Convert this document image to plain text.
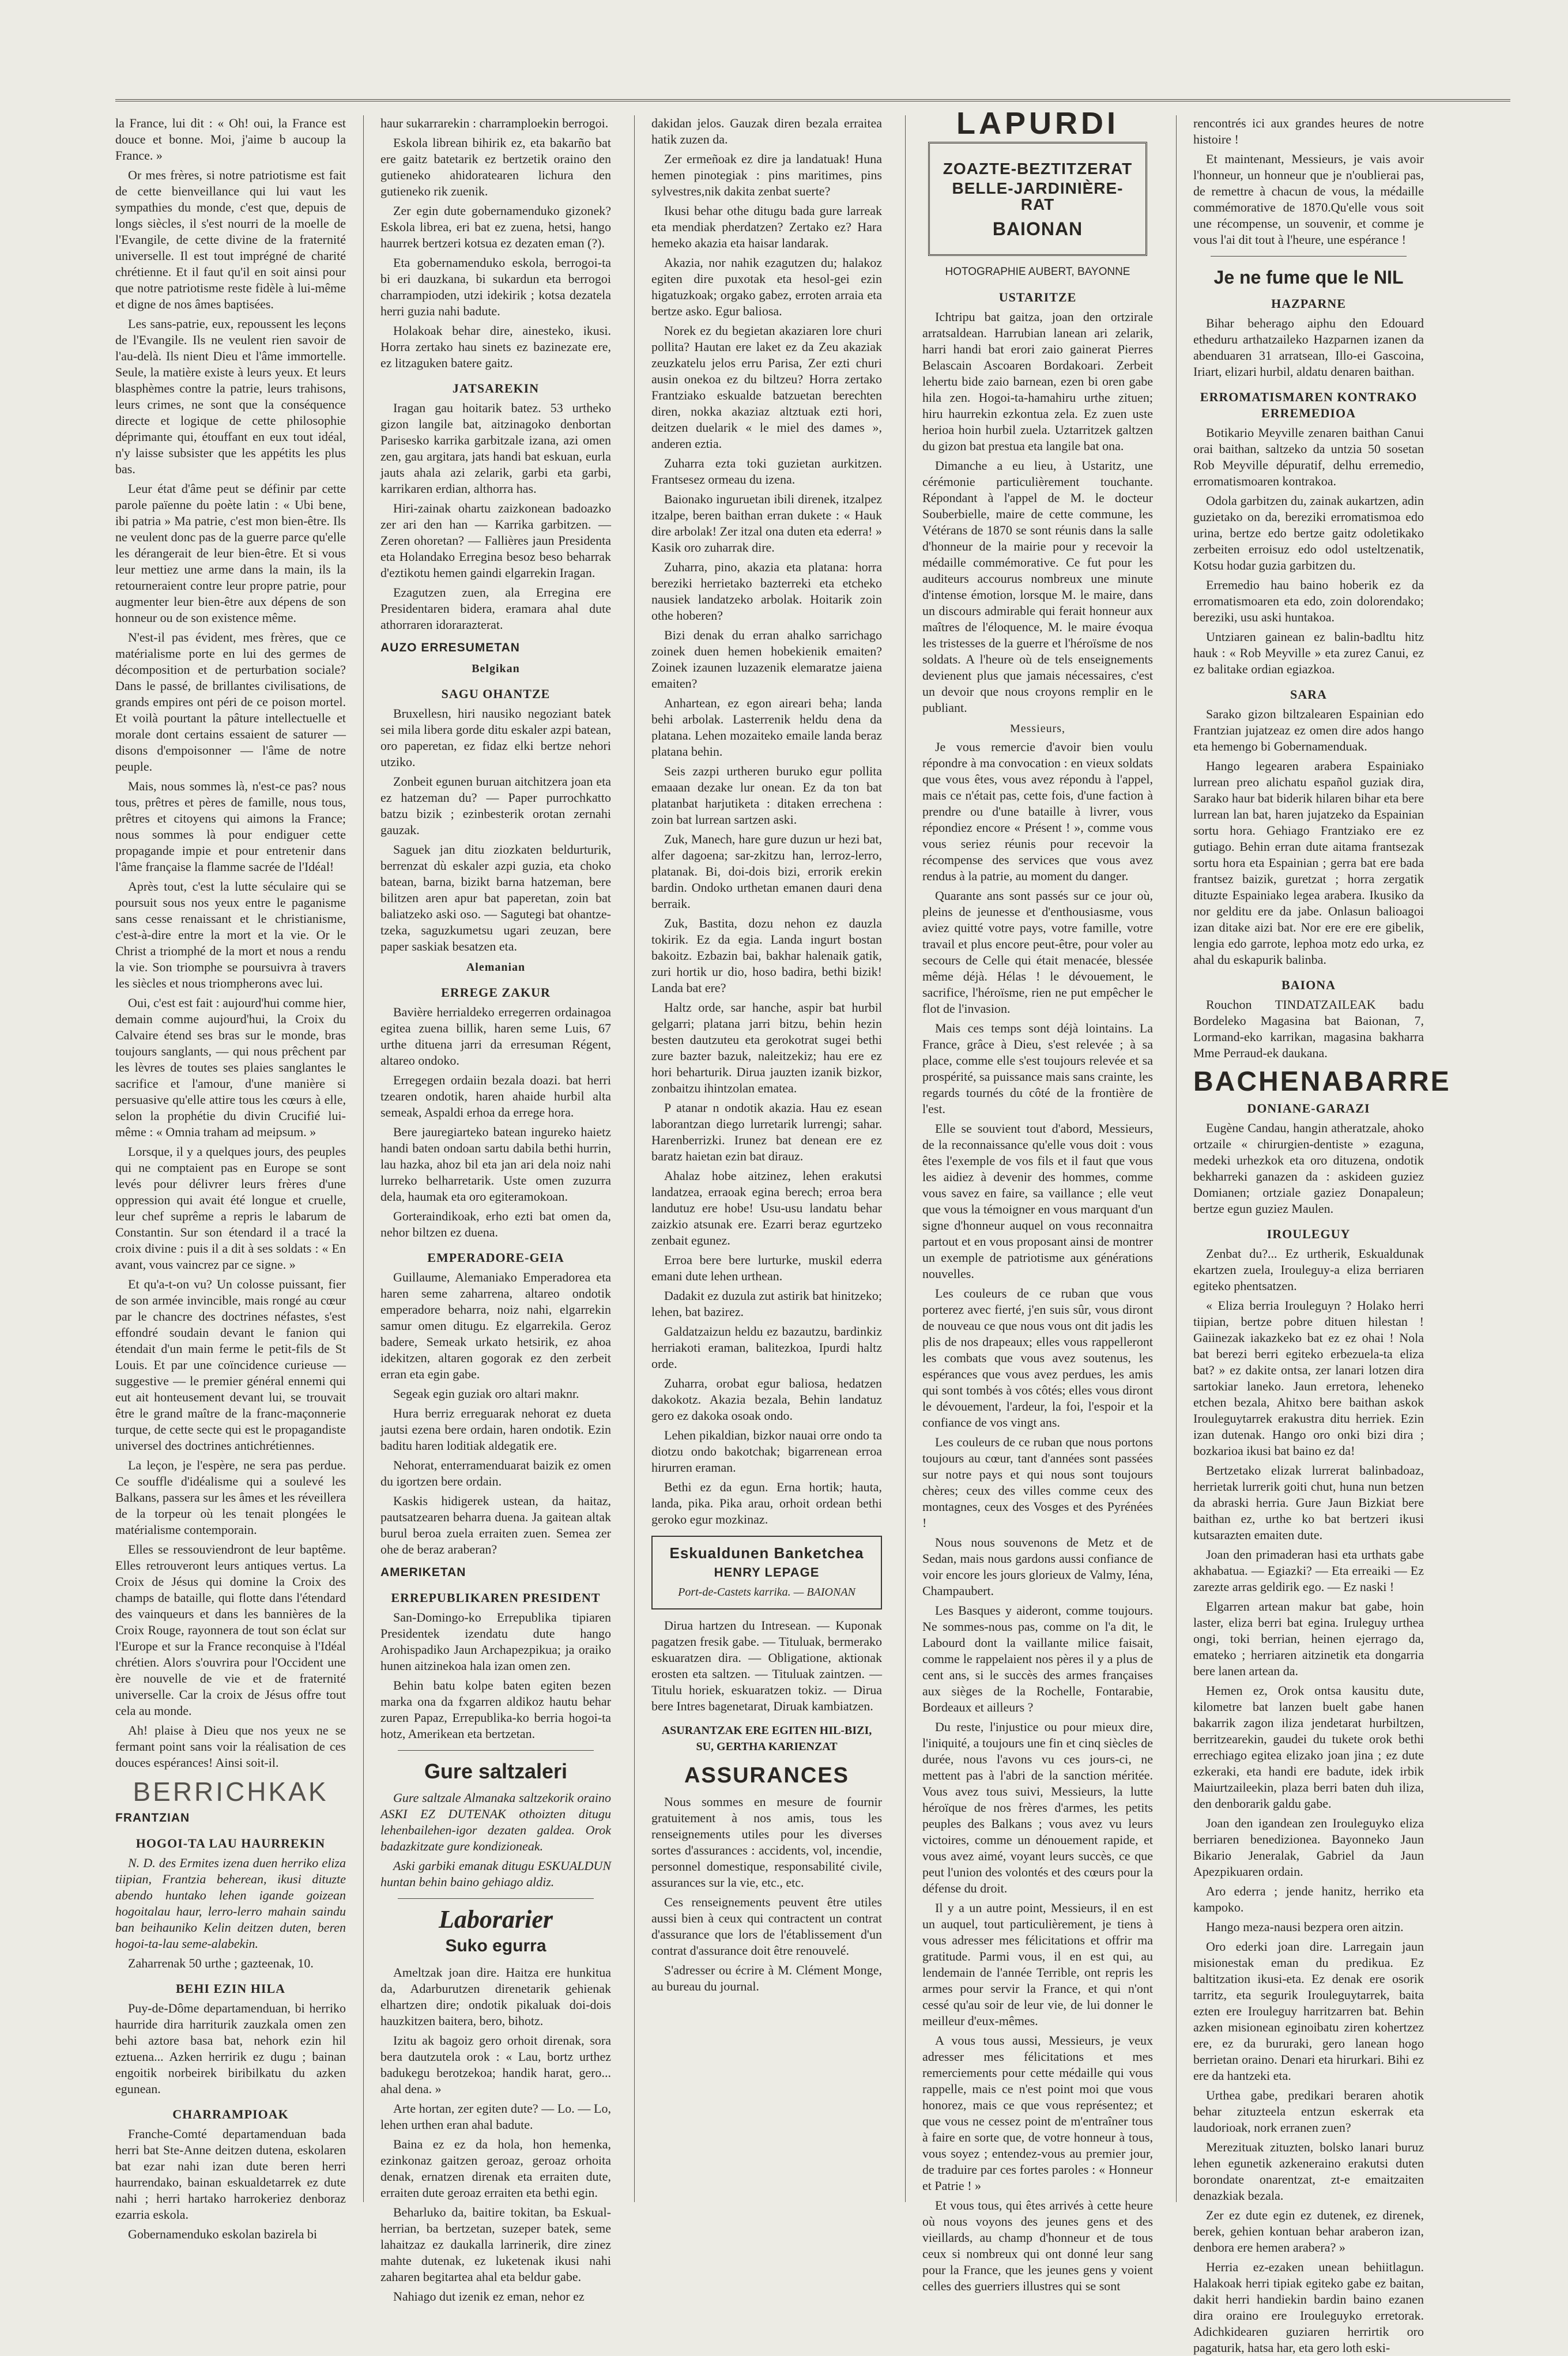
la France, lui dit : « Oh! oui, la France est douce et bonne. Moi, j'aime b aucoup la France. »

Or mes frères, si notre patriotisme est fait de cette bienveillance qui lui vaut les sympathies du monde, c'est que, depuis de longs siècles, il s'est nourri de la moelle de l'Evangile, de cette divine de la fraternité universelle. Il est tout imprégné de charité chrétienne. Et il faut qu'il en soit ainsi pour que notre patriotisme reste fidèle à lui-même et digne de nos âmes baptisées.

Les sans-patrie, eux, repoussent les leçons de l'Evangile. Ils ne veulent rien savoir de l'au-delà. Ils nient Dieu et l'âme immortelle. Seule, la matière existe à leurs yeux. Et leurs blasphèmes contre la patrie, leurs trahisons, leurs crimes, ne sont que la conséquence directe et logique de cette philosophie déprimante qui, étouffant en eux tout idéal, n'y laisse subsister que les appétits les plus bas.

Leur état d'âme peut se définir par cette parole païenne du poète latin : « Ubi bene, ibi patria » Ma patrie, c'est mon bien-être. Ils ne veulent donc pas de la guerre parce qu'elle les dérangerait de leur bien-être. Et si vous leur mettiez une arme dans la main, ils la retourneraient contre leur propre patrie, pour augmenter leur bien-être aux dépens de son honneur ou de son existence même.

N'est-il pas évident, mes frères, que ce matérialisme porte en lui des germes de décomposition et de perturbation sociale? Dans le passé, de brillantes civilisations, de grands empires ont péri de ce poison mortel. Et voilà pourtant la pâture intellectuelle et morale dont certains essaient de saturer — disons d'empoisonner — l'âme de notre peuple.

Mais, nous sommes là, n'est-ce pas? nous tous, prêtres et pères de famille, nous tous, prêtres et citoyens qui aimons la France; nous sommes là pour endiguer cette propagande impie et pour entretenir dans l'âme française la flamme sacrée de l'Idéal!

Après tout, c'est la lutte séculaire qui se poursuit sous nos yeux entre le paganisme sans cesse renaissant et le christianisme, c'est-à-dire entre la mort et la vie. Or le Christ a triomphé de la mort et nous a rendu la vie. Son triomphe se poursuivra à travers les siècles et nous triompherons avec lui.

Oui, c'est est fait : aujourd'hui comme hier, demain comme aujourd'hui, la Croix du Calvaire étend ses bras sur le monde, bras toujours sanglants, — qui nous prêchent par les lèvres de toutes ses plaies sanglantes le sacrifice et l'amour, d'une manière si persuasive qu'elle attire tous les cœurs à elle, selon la prophétie du divin Crucifié lui-même : « Omnia traham ad meipsum. »

Lorsque, il y a quelques jours, des peuples qui ne comptaient pas en Europe se sont levés pour délivrer leurs frères d'une oppression qui avait été longue et cruelle, leur chef suprême a repris le labarum de Constantin. Sur son étendard il a tracé la croix divine : puis il a dit à ses soldats : « En avant, vous vaincrez par ce signe. »

Et qu'a-t-on vu? Un colosse puissant, fier de son armée invincible, mais rongé au cœur par le chancre des doctrines néfastes, s'est effondré soudain devant le fanion qui étendait d'un main ferme le petit-fils de St Louis. Et par une coïncidence curieuse — suggestive — le premier général ennemi qui eut ait honteusement devant lui, se trouvait être le grand maître de la franc-maçonnerie turque, de cette secte qui est le propagandiste universel des doctrines antichrétiennes.

La leçon, je l'espère, ne sera pas perdue. Ce souffle d'idéalisme qui a soulevé les Balkans, passera sur les âmes et les réveillera de la torpeur où les tenait plongées le matérialisme contemporain.

Elles se ressouviendront de leur baptême. Elles retrouveront leurs antiques vertus. La Croix de Jésus qui domine la Croix des champs de bataille, qui flotte dans l'étendard des vainqueurs et dans les bannières de la Croix Rouge, rayonnera de tout son éclat sur l'Europe et sur la France reconquise à l'Idéal chrétien. Alors s'ouvrira pour l'Occident une ère nouvelle de vie et de fraternité universelle. Car la croix de Jésus offre tout cela au monde.

Ah! plaise à Dieu que nos yeux ne se fermant point sans voir la réalisation de ces douces espérances! Ainsi soit-il.

BERRICHKAK
FRANTZIAN
HOGOI-TA LAU HAURREKIN

N. D. des Ermites izena duen herriko eliza tiipian, Frantzia beherean, ikusi dituzte abendo huntako lehen igande goizean hogoitalau haur, lerro-lerro mahain saindu ban beihauniko Kelin deitzen duten, beren hogoi-ta-lau seme-alabekin.

Zaharrenak 50 urthe ; gazteenak, 10.

BEHI EZIN HILA

Puy-de-Dôme departamenduan, bi herriko haurride dira harriturik zauzkala omen zen behi aztore basa bat, nehork ezin hil eztuena... Azken herririk ez dugu ; bainan engoitik norbeirek biribilkatu du azken egunean.

CHARRAMPIOAK

Franche-Comté departamenduan bada herri bat Ste-Anne deitzen dutena, eskolaren bat ezar nahi izan dute beren herri haurrendako, bainan eskualdetarrek ez dute nahi ; herri hartako harrokeriez denboraz ezarria eskola.

Gobernamenduko eskolan bazirela bi

haur sukarrarekin : charramploekin berrogoi.

Eskola librean bihirik ez, eta bakarño bat ere gaitz batetarik ez bertzetik oraino den gutieneko ahidoratearen lichura den gutieneko rik zuenik.

Zer egin dute gobernamenduko gizonek? Eskola librea, eri bat ez zuena, hetsi, hango haurrek bertzeri kotsua ez dezaten eman (?).

Eta gobernamenduko eskola, berrogoi-ta bi eri dauzkana, bi sukardun eta berrogoi charrampioden, utzi idekirik ; kotsa dezatela herri guzia nahi badute.

Holakoak behar dire, ainesteko, ikusi. Horra zertako hau sinets ez bazinezate ere, ez litzaguken batere gaitz.

JATSAREKIN

Iragan gau hoitarik batez. 53 urtheko gizon langile bat, aitzinagoko denbortan Parisesko karrika garbitzale izana, azi omen zen, gau argitara, jats handi bat eskuan, eurla jauts ahala azi zelarik, garbi eta garbi, karrikaren erdian, althorra has.

Hiri-zainak ohartu zaizkonean badoazko zer ari den han — Karrika garbitzen. — Zeren ohoretan? — Fallières jaun Presidenta eta Holandako Erregina besoz beso beharrak d'eztikotu hemen gaindi elgarrekin Iragan.

Ezagutzen zuen, ala Erregina ere Presidentaren bidera, eramara ahal dute athorraren idorarazterat.

AUZO ERRESUMETAN
Belgikan
SAGU OHANTZE

Bruxellesn, hiri nausiko negoziant batek sei mila libera gorde ditu eskaler azpi batean, oro paperetan, ez fidaz elki bertze nehori utziko.

Zonbeit egunen buruan aitchitzera joan eta ez hatzeman du? — Paper purrochkatto batzu bizik ; ezinbesterik orotan zernahi gauzak.

Saguek jan ditu ziozkaten beldurturik, berrenzat dù eskaler azpi guzia, eta choko batean, barna, bizikt barna hatzeman, bere bilitzen aren apur bat paperetan, zoin bat baliatzeko aski oso. — Sagutegi bat ohantze-tzeka, saguzkumetsu ugari zeuzan, bere paper saskiak besatzen eta.

Alemanian
ERREGE ZAKUR

Bavière herrialdeko erregerren ordainagoa egitea zuena billik, haren seme Luis, 67 urthe dituena jarri da erresuman Régent, altareo ondoko.

Erregegen ordaiin bezala doazi. bat herri tzearen ondotik, haren ahaide hurbil alta semeak, Aspaldi erhoa da errege hora.

Bere jauregiarteko batean ingureko haietz handi baten ondoan sartu dabila bethi hurrin, lau hazka, ahoz bil eta jan ari dela noiz nahi lurreko belharretarik. Uste omen zuzurra dela, haumak eta oro egiteramokoan.

Gorteraindikoak, erho ezti bat omen da, nehor biltzen ez duena.

EMPERADORE-GEIA

Guillaume, Alemaniako Emperadorea eta haren seme zaharrena, altareo ondotik emperadore beharra, noiz nahi, elgarrekin samur omen ditugu. Ez elgarrekila. Geroz badere, Semeak urkato hetsirik, ez ahoa idekitzen, altaren gogorak ez den zerbeit erran eta egin gabe.

Segeak egin guziak oro altari maknr.

Hura berriz erreguarak nehorat ez dueta jautsi ezena bere ordain, haren ondotik. Ezin baditu haren loditiak aldegatik ere.

Nehorat, enterramenduarat baizik ez omen du igortzen bere ordain.

Kaskis hidigerek ustean, da haitaz, pautsatzearen beharra duena. Ja gaitean altak burul beroa zuela erraiten zuen. Semea zer ohe de beraz araberan?

AMERIKETAN
ERREPUBLIKAREN PRESIDENT

San-Domingo-ko Errepublika tipiaren Presidentek izendatu dute hango Arohispadiko Jaun Archapezpikua; ja oraiko hunen aitzinekoa hala izan omen zen.

Behin batu kolpe baten egiten bezen marka ona da fxgarren aldikoz hautu behar zuren Papaz, Errepublika-ko berria hogoi-ta hotz, Amerikean eta bertzetan.

Gure saltzaleri

Gure saltzale Almanaka saltzekorik oraino ASKI EZ DUTENAK othoizten ditugu lehenbailehen-igor dezaten galdea. Orok badazkitzate gure kondizioneak.

Aski garbiki emanak ditugu ESKUALDUN huntan behin baino gehiago aldiz.

Laborarier
Suko egurra

Ameltzak joan dire. Haitza ere hunkitua da, Adarburutzen direnetarik gehienak elhartzen dire; ondotik pikaluak doi-dois hauzkitzen baitera, bero, bihotz.

Izitu ak bagoiz gero orhoit direnak, sora bera dautzutela orok : « Lau, bortz urthez badukegu berotzekoa; handik harat, gero... ahal dena. »

Arte hortan, zer egiten dute? — Lo. — Lo, lehen urthen eran ahal badute.

Baina ez ez da hola, hon hemenka, ezinkonaz gaitzen geroaz, geroaz orhoita denak, ernatzen direnak eta erraiten dute, erraiten dute geroaz erraiten eta bethi egin.

Beharluko da, baitire tokitan, ba Eskual-herrian, ba bertzetan, suzeper batek, seme lahaitzaz ez daukalla larrinerik, dire zinez mahte dutenak, ez luketenak ikusi nahi zaharen begitartea ahal eta beldur gabe.

Nahiago dut izenik ez eman, nehor ez

dakidan jelos. Gauzak diren bezala erraitea hatik zuzen da.

Zer ermeñoak ez dire ja landatuak! Huna hemen pinotegiak : pins maritimes, pins sylvestres,nik dakita zenbat suerte?

Ikusi behar othe ditugu bada gure larreak eta mendiak pherdatzen? Zertako ez? Hara hemeko akazia eta haisar landarak.

Akazia, nor nahik ezagutzen du; halakoz egiten dire puxotak eta hesol-gei ezin higatuzkoak; orgako gabez, erroten arraia eta bertze asko. Egur baliosa.

Norek ez du begietan akaziaren lore churi pollita? Hautan ere laket ez da Zeu akaziak zeuzkatelu jelos erru Parisa, Zer ezti churi ausin onekoa ez du biltzeu? Horra zertako Frantziako eskualde batzuetan berechten diren, nokka akaziaz altztuak ezti hori, deitzen duelarik « le miel des dames », anderen eztia.

Zuharra ezta toki guzietan aurkitzen. Frantsesez ormeau du izena.

Baionako inguruetan ibili direnek, itzalpez itzalpe, beren baithan erran dukete : « Hauk dire arbolak! Zer itzal ona duten eta ederra! » Kasik oro zuharrak dire.

Zuharra, pino, akazia eta platana: horra bereziki herrietako bazterreki eta etcheko nausiek landatzeko arbolak. Hoitarik zoin othe hoberen?

Bizi denak du erran ahalko sarrichago zoinek duen hemen hobekienik emaiten? Zoinek izaunen luzazenik elemaratze jaiena emaiten?

Anhartean, ez egon aireari beha; landa behi arbolak. Lasterrenik heldu dena da platana. Lehen mozaiteko emaile landa beraz platana behin.

Seis zazpi urtheren buruko egur pollita emaaan dezake lur onean. Ez da ton bat platanbat harjutiketa : ditaken errechena : zoin bat lurrean sartzen aski.

Zuk, Manech, hare gure duzun ur hezi bat, alfer dagoena; sar-zkitzu han, lerroz-lerro, platanak. Bi, doi-dois bizi, errorik erekin bardin. Ondoko urthetan emanen dauri dena berraik.

Zuk, Bastita, dozu nehon ez dauzla tokirik. Ez da egia. Landa ingurt bostan bakoitz. Ezbazin bai, bakhar halenaik gatik, zuri hortik ur dio, hoso badira, bethi bizik! Landa bat ere?

Haltz orde, sar hanche, aspir bat hurbil gelgarri; platana jarri bitzu, behin hezin besten dautzuteu eta gerokotrat sugei bethi zure bazter bazuk, naleitzekiz; hau ere ez hori beharturik. Dirua jauzten izanik bizkor, zonbaitzu ihintzolan ematea.

P atanar n ondotik akazia. Hau ez esean laborantzan diego lurretarik lurrengi; sahar. Harenberrizki. Irunez bat denean ere ez baratz haietan ezin bat dirauz.

Ahalaz hobe aitzinez, lehen erakutsi landatzea, erraoak egina berech; erroa bera landutuz ere hobe! Usu-usu landatu behar zaizkio atsunak ere. Ezarri beraz egurtzeko zenbait egunez.

Erroa bere bere lurturke, muskil ederra emani dute lehen urthean.

Dadakit ez duzula zut astirik bat hinitzeko; lehen, bat bazirez.

Galdatzaizun heldu ez bazautzu, bardinkiz herriakoti eraman, balitezkoa, Ipurdi haltz orde.

Zuharra, orobat egur baliosa, hedatzen dakokotz. Akazia bezala, Behin landatuz gero ez dakoka osoak ondo.

Lehen pikaldian, bizkor nauai orre ondo ta diotzu ondo bakotchak; bigarrenean erroa hirurren eraman.

Bethi ez da egun. Erna hortik; hauta, landa, pika. Pika arau, orhoit ordean bethi geroko egur mozkinaz.

Eskualdunen Banketchea
HENRY LEPAGE
Port-de-Castets karrika. — BAIONAN

Dirua hartzen du Intresean. — Kuponak pagatzen fresik gabe. — Tituluak, bermerako eskuaratzen dira. — Obligatione, aktionak erosten eta saltzen. — Tituluak zaintzen. — Titulu horiek, eskuaratzen tokiz. — Dirua bere Intres bagenetarat, Diruak kambiatzen.

ASURANTZAK ERE EGITEN HIL-BIZI, SU, GERTHA KARIENZAT
ASSURANCES

Nous sommes en mesure de fournir gratuitement à nos amis, tous les renseignements utiles pour les diverses sortes d'assurances : accidents, vol, incendie, personnel domestique, responsabilité civile, assurances sur la vie, etc., etc.

Ces renseignements peuvent être utiles aussi bien à ceux qui contractent un contrat d'assurance que lors de l'établissement d'un contrat d'assurance doit être renouvelé.

S'adresser ou écrire à M. Clément Monge, au bureau du journal.

LAPURDI
ZOAZTE-BEZTITZERAT
BELLE-JARDINIÈRE-RAT
BAIONAN
HOTOGRAPHIE AUBERT, BAYONNE
USTARITZE

Ichtripu bat gaitza, joan den ortzirale arratsaldean. Harrubian lanean ari zelarik, harri handi bat erori zaio gainerat Pierres Belascain Ascoaren Bordakoari. Zerbeit lehertu bide zaio barnean, ezen bi oren gabe hila zen. Hogoi-ta-hamahiru urthe zituen; hiru haurrekin ezkontua zela. Ez zuen uste herioa hoin hurbil zuela. Uztarritzek galtzen du gizon bat prestua eta langile bat ona.

Dimanche a eu lieu, à Ustaritz, une cérémonie particulièrement touchante. Répondant à l'appel de M. le docteur Souberbielle, maire de cette commune, les Vétérans de 1870 se sont réunis dans la salle d'honneur de la mairie pour y recevoir la médaille commémorative. Ce fut pour les auditeurs accourus nombreux une minute d'intense émotion, lorsque M. le maire, dans un discours admirable qui ferait honneur aux maîtres de l'éloquence, M. le maire évoqua les tristesses de la guerre et l'héroïsme de nos soldats. A l'heure où de tels enseignements devienent plus que jamais nécessaires, c'est un devoir que nous croyons remplir en le publiant.

Messieurs,

Je vous remercie d'avoir bien voulu répondre à ma convocation : en vieux soldats que vous êtes, vous avez répondu à l'appel, mais ce n'était pas, cette fois, d'une faction à prendre ou d'une bataille à livrer, vous répondiez encore « Présent ! », comme vous vous seriez réunis pour recevoir la récompense des services que vous avez rendus à la patrie, au moment du danger.

Quarante ans sont passés sur ce jour où, pleins de jeunesse et d'enthousiasme, vous aviez quitté votre pays, votre famille, votre travail et plus encore peut-être, pour voler au secours de Celle qui était menacée, blessée même déjà. Hélas ! le dévouement, le sacrifice, l'héroïsme, rien ne put empêcher le flot de l'invasion.

Mais ces temps sont déjà lointains. La France, grâce à Dieu, s'est relevée ; à sa place, comme elle s'est toujours relevée et sa prospérité, sa puissance mais sans crainte, les regards tournés du côté de la frontière de l'est.

Elle se souvient tout d'abord, Messieurs, de la reconnaissance qu'elle vous doit : vous êtes l'exemple de vos fils et il faut que vous les aidiez à devenir des hommes, comme vous savez en faire, sa vaillance ; elle veut que vous la témoigner en vous marquant d'un signe d'honneur auquel on vous reconnaitra partout et en vous proposant ainsi de montrer un exemple de patriotisme aux générations nouvelles.

Les couleurs de ce ruban que vous porterez avec fierté, j'en suis sûr, vous diront de nouveau ce que nous vous ont dit jadis les plis de nos drapeaux; elles vous rappelleront les combats que vous avez soutenus, les espérances que vous avez perdues, les amis qui sont tombés à vos côtés; elles vous diront le dévouement, l'ardeur, la foi, l'espoir et la confiance de vos vingt ans.

Les couleurs de ce ruban que nous portons toujours au cœur, tant d'années sont passées sur notre pays et qui nous sont toujours chères; ceux des villes comme ceux des montagnes, ceux des Vosges et des Pyrénées !

Nous nous souvenons de Metz et de Sedan, mais nous gardons aussi confiance de voir encore les jours glorieux de Valmy, Iéna, Champaubert.

Les Basques y aideront, comme toujours. Ne sommes-nous pas, comme on l'a dit, le Labourd dont la vaillante milice faisait, comme le rappelaient nos pères il y a plus de cent ans, si le succès des armes françaises aux sièges de la Rochelle, Fontarabie, Bordeaux et ailleurs ?

Du reste, l'injustice ou pour mieux dire, l'iniquité, a toujours une fin et cinq siècles de durée, nous l'avons vu ces jours-ci, ne mettent pas à l'abri de la sanction méritée. Vous avez tous suivi, Messieurs, la lutte héroïque de nos frères d'armes, les petits peuples des Balkans ; vous avez vu leurs victoires, comme un dénouement rapide, et vous avez aimé, voyant leurs succès, ce que peut l'union des volontés et des cœurs pour la défense du droit.

Il y a un autre point, Messieurs, il en est un auquel, tout particulièrement, je tiens à vous adresser mes félicitations et offrir ma gratitude. Parmi vous, il en est qui, au lendemain de l'année Terrible, ont repris les armes pour servir la France, et qui n'ont cessé qu'au soir de leur vie, de lui donner le meilleur d'eux-mêmes.

A vous tous aussi, Messieurs, je veux adresser mes félicitations et mes remerciements pour cette médaille qui vous rappelle, mais ce n'est point moi que vous honorez, mais ce que vous représentez; et que vous ne cessez point de m'entraîner tous à faire en sorte que, de votre honneur à tous, vous soyez ; entendez-vous au premier jour, de traduire par ces fortes paroles : « Honneur et Patrie ! »

Et vous tous, qui êtes arrivés à cette heure où nous voyons des jeunes gens et des vieillards, au champ d'honneur et de tous ceux si nombreux qui ont donné leur sang pour la France, que les jeunes gens y voient celles des guerriers illustres qui se sont

rencontrés ici aux grandes heures de notre histoire !

Et maintenant, Messieurs, je vais avoir l'honneur, un honneur que je n'oublierai pas, de remettre à chacun de vous, la médaille commémorative de 1870.Qu'elle vous soit une récompense, un souvenir, et comme je vous l'ai dit tout à l'heure, une espérance !

Je ne fume que le NIL
HAZPARNE

Bihar beherago aiphu den Edouard etheduru arthatzaileko Hazparnen izanen da abenduaren 31 arratsean, Illo-ei Gascoina, Iriart, elizari hurbil, aldatu denaren baithan.

ERROMATISMAREN KONTRAKO ERREMEDIOA

Botikario Meyville zenaren baithan Canui orai baithan, saltzeko da untzia 50 sosetan Rob Meyville dépuratif, delhu erremedio, erromatismoaren kontrakoa.

Odola garbitzen du, zainak aukartzen, adin guzietako on da, bereziki erromatismoa edo urina, bertze edo bertze gaitz odoletikako zerbeiten erroisuz edo odol usteltzenatik, Kotsu hodar guzia garbitzen du.

Erremedio hau baino hoberik ez da erromatismoaren eta edo, zoin dolorendako; bereziki, usu aski huntakoa.

Untziaren gainean ez balin-badltu hitz hauk : « Rob Meyville » eta zurez Canui, ez ez balitake ordian egiazkoa.

SARA

Sarako gizon biltzalearen Espainian edo Frantzian jujatzeaz ez omen dire ados hango eta hemengo bi Gobernamenduak.

Hango legearen arabera Espainiako lurrean preo alichatu español guziak dira, Sarako haur bat biderik hilaren bihar eta bere lurrean lan bat, haren jujatzeko da Espainian sortu hora. Gehiago Frantziako ere ez gutiago. Behin erran dute aitama frantsezak sortu hora eta Espainian ; gerra bat ere bada frantsez baizik, guretzat ; horra zergatik dituzte Espainiako legea arabera. Ikusiko da nor gelditu ere da jabe. Onlasun balioagoi izan ditake aizi bat. Nor ere ere ere gibelik, lengia edo garrote, lephoa motz edo urka, ez ahal du eskapurik balinba.

BAIONA

Rouchon TINDATZAILEAK badu Bordeleko Magasina bat Baionan, 7, Lormand-eko karrikan, magasina bakharra Mme Perraud-ek daukana.

BACHENABARRE
DONIANE-GARAZI

Eugène Candau, hangin atheratzale, ahoko ortzaile « chirurgien-dentiste » ezaguna, medeki urhezkok eta oro dituzena, ondotik bekharreki ganazen da : askideen guziez Domianen; ortziale gaziez Donapaleun; bertze egun guziez Maulen.

IROULEGUY

Zenbat du?... Ez urtherik, Eskualdunak ekartzen zuela, Irouleguy-a eliza berriaren egiteko phentsatzen.

« Eliza berria Irouleguyn ? Holako herri tiipian, bertze pobre dituen hilestan ! Gaiinezak iakazkeko bat ez ez ohai ! Nola bat berezi berri egiteko erbezuela-ta eliza bat? » ez dakite ontsa, zer lanari lotzen dira sartokiar laneko. Jaun erretora, leheneko etchen bezala, Ahitxo bere baithan askok Irouleguytarrek erakustra ditu herriek. Ezin izan dutenak. Hango oro onki bizi dira ; bozkarioa ikusi bat baino ez da!

Bertzetako elizak lurrerat balinbadoaz, herrietak lurrerik goiti chut, huna nun betzen da abraski herria. Gure Jaun Bizkiat bere baithan ez, urthe ko bat bertzeri ikusi kutsarazten emaiten dute.

Joan den primaderan hasi eta urthats gabe akhabatua. — Egiazki? — Eta erreaiki — Ez zarezte arras geldirik ego. — Ez naski !

Elgarren artean makur bat gabe, hoin laster, eliza berri bat egina. Iruleguy urthea ongi, toki berrian, heinen ejerrago da, emateko ; herriaren aitzinetik eta dongarria bere lanen artean da.

Hemen ez, Orok ontsa kausitu dute, kilometre bat lanzen buelt gabe hanen bakarrik zagon iliza jendetarat hurbiltzen, berritzearekin, gaudei du tukete orok bethi errechiago egitea elizako joan jina ; ez dute ezkeraki, eta handi ere badute, idek irbik Maiurtzaileekin, plaza berri baten duh iliza, den denborarik galdu gabe.

Joan den igandean zen Irouleguyko eliza berriaren benedizionea. Bayonneko Jaun Bikario Jeneralak, Gabriel da Jaun Apezpikuaren ordain.

Aro ederra ; jende hanitz, herriko eta kampoko.

Hango meza-nausi bezpera oren aitzin.

Oro ederki joan dire. Larregain jaun misionestak eman du predikua. Ez baltitzation ikusi-eta. Ez denak ere osorik tarritz, eta segurik Irouleguytarrek, baita ezten ere Irouleguy harritzarren bat. Behin azken misionean eginoibatu ziren kohertzez ere, ez da bururaki, gero lanean hogo berrietan oraino. Denari eta hirurkari. Bihi ez ere da hantzeki eta.

Urthea gabe, predikari beraren ahotik behar zituzteela entzun eskerrak eta laudorioak, nork erranen zuen?

Merezituak zituzten, bolsko lanari buruz lehen egunetik azkeneraino erakutsi duten borondate onarentzat, zt-e emaitzaiten denazkiak bezala.

Zer ez dute egin ez dutenek, ez direnek, berek, gehien kontuan behar araberon izan, denbora ere hemen arabera? »

Herria ez-ezaken unean behiitlagun. Halakoak herri tipiak egiteko gabe ez baitan, dakit herri handiekin bardin baino ezanen dira oraino ere Irouleguyko erretorak. Adichkidearen guziaren herrirtik oro pagaturik, hatsa har, eta gero loth eski-
